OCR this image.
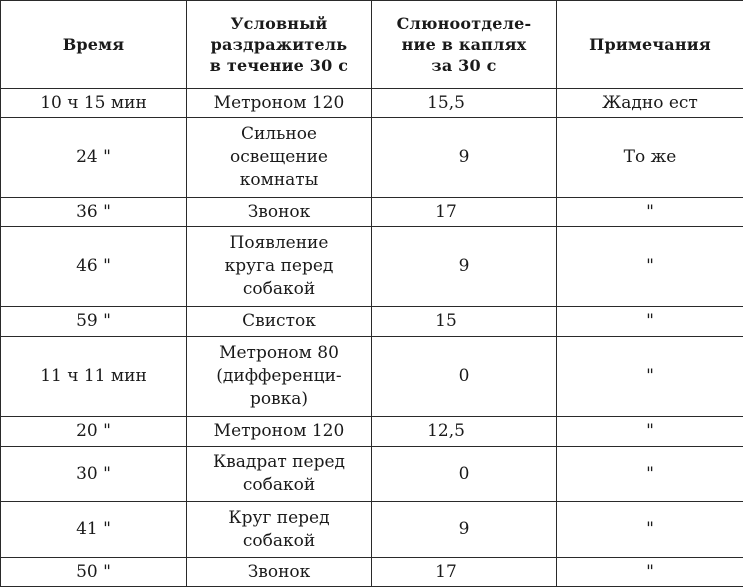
Время	Условный
раздражитель
в течение 30 с	Слюноотделе-
ние в каплях
за 30 с	Примечания
10 ч 15 мин	Метроном 120	15,5	Жадно ест
24 "	Сильное
освещение
комнаты	9	То же
36 "	Звонок	17	"
46 "	Появление
круга перед
собакой	9	"
59 "	Свисток	15	"
11 ч 11 мин	Метроном 80
(дифференци-
ровка)	0	"
20 "	Метроном 120	12,5	"
30 "	Квадрат перед
собакой	0	"
41 "	Круг перед
собакой	9	"
50 "	Звонок	17	"
